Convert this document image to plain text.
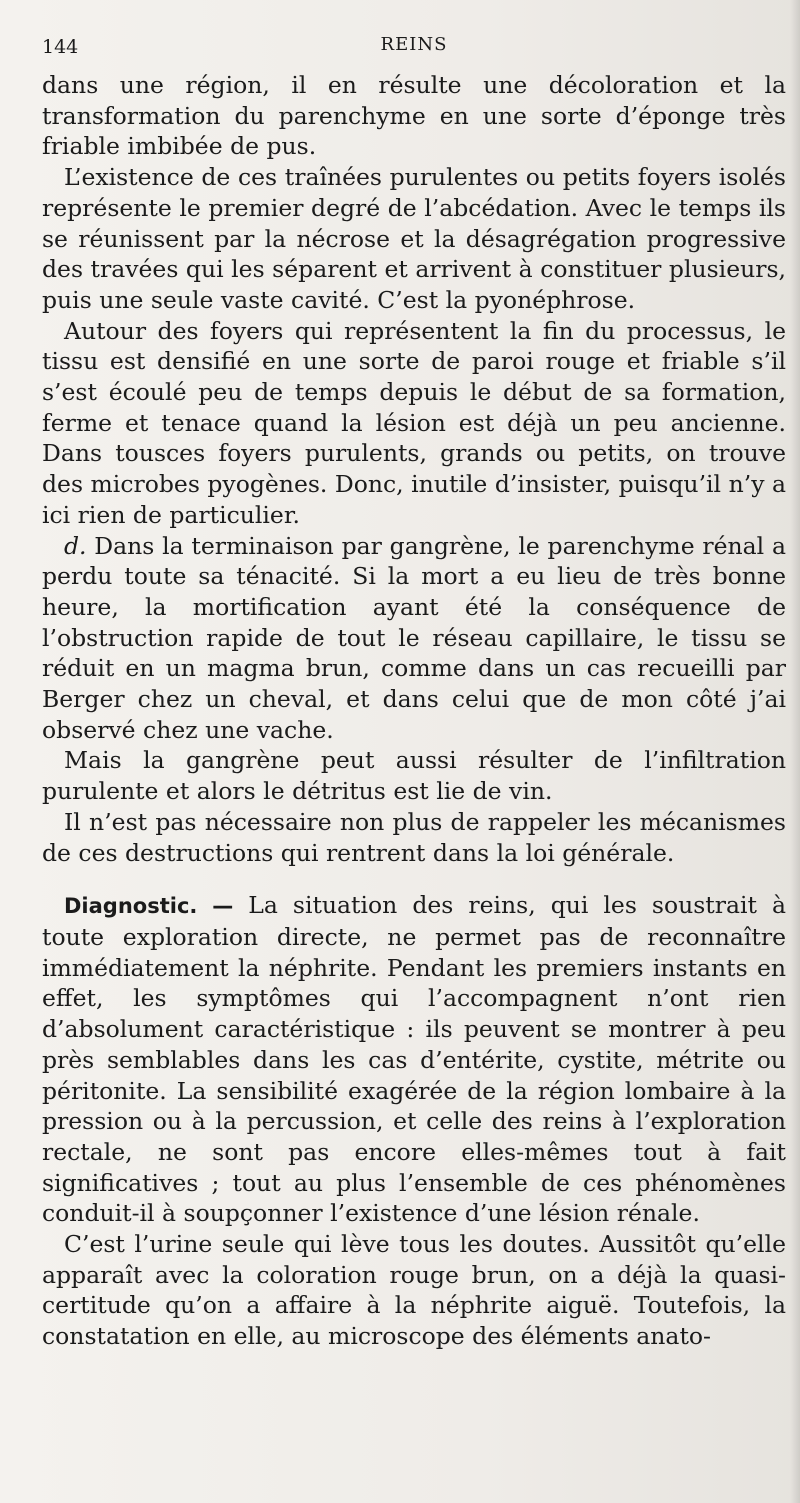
144	REINS

dans une région, il en résulte une décoloration et la transformation du parenchyme en une sorte d’éponge très friable imbibée de pus.

L’existence de ces traînées purulentes ou petits foyers isolés représente le premier degré de l’abcédation. Avec le temps ils se réunissent par la nécrose et la désagrégation progressive des travées qui les séparent et arrivent à constituer plusieurs, puis une seule vaste cavité. C’est la pyonéphrose.

Autour des foyers qui représentent la fin du processus, le tissu est densifié en une sorte de paroi rouge et friable s’il s’est écoulé peu de temps depuis le début de sa formation, ferme et tenace quand la lésion est déjà un peu ancienne. Dans tousces foyers purulents, grands ou petits, on trouve des microbes pyogènes. Donc, inutile d’insister, puisqu’il n’y a ici rien de particulier.

d. Dans la terminaison par gangrène, le parenchyme rénal a perdu toute sa ténacité. Si la mort a eu lieu de très bonne heure, la mortification ayant été la conséquence de l’obstruction rapide de tout le réseau capillaire, le tissu se réduit en un magma brun, comme dans un cas recueilli par Berger chez un cheval, et dans celui que de mon côté j’ai observé chez une vache.

Mais la gangrène peut aussi résulter de l’infiltration purulente et alors le détritus est lie de vin.

Il n’est pas nécessaire non plus de rappeler les mécanismes de ces destructions qui rentrent dans la loi générale.

Diagnostic. — La situation des reins, qui les soustrait à toute exploration directe, ne permet pas de reconnaître immédiatement la néphrite. Pendant les premiers instants en effet, les symptômes qui l’accompagnent n’ont rien d’absolument caractéristique : ils peuvent se montrer à peu près semblables dans les cas d’entérite, cystite, métrite ou péritonite. La sensibilité exagérée de la région lombaire à la pression ou à la percussion, et celle des reins à l’exploration rectale, ne sont pas encore elles-mêmes tout à fait significatives ; tout au plus l’ensemble de ces phénomènes conduit-il à soupçonner l’existence d’une lésion rénale.

C’est l’urine seule qui lève tous les doutes. Aussitôt qu’elle apparaît avec la coloration rouge brun, on a déjà la quasi-certitude qu’on a affaire à la néphrite aiguë. Toutefois, la constatation en elle, au microscope des éléments anato-
